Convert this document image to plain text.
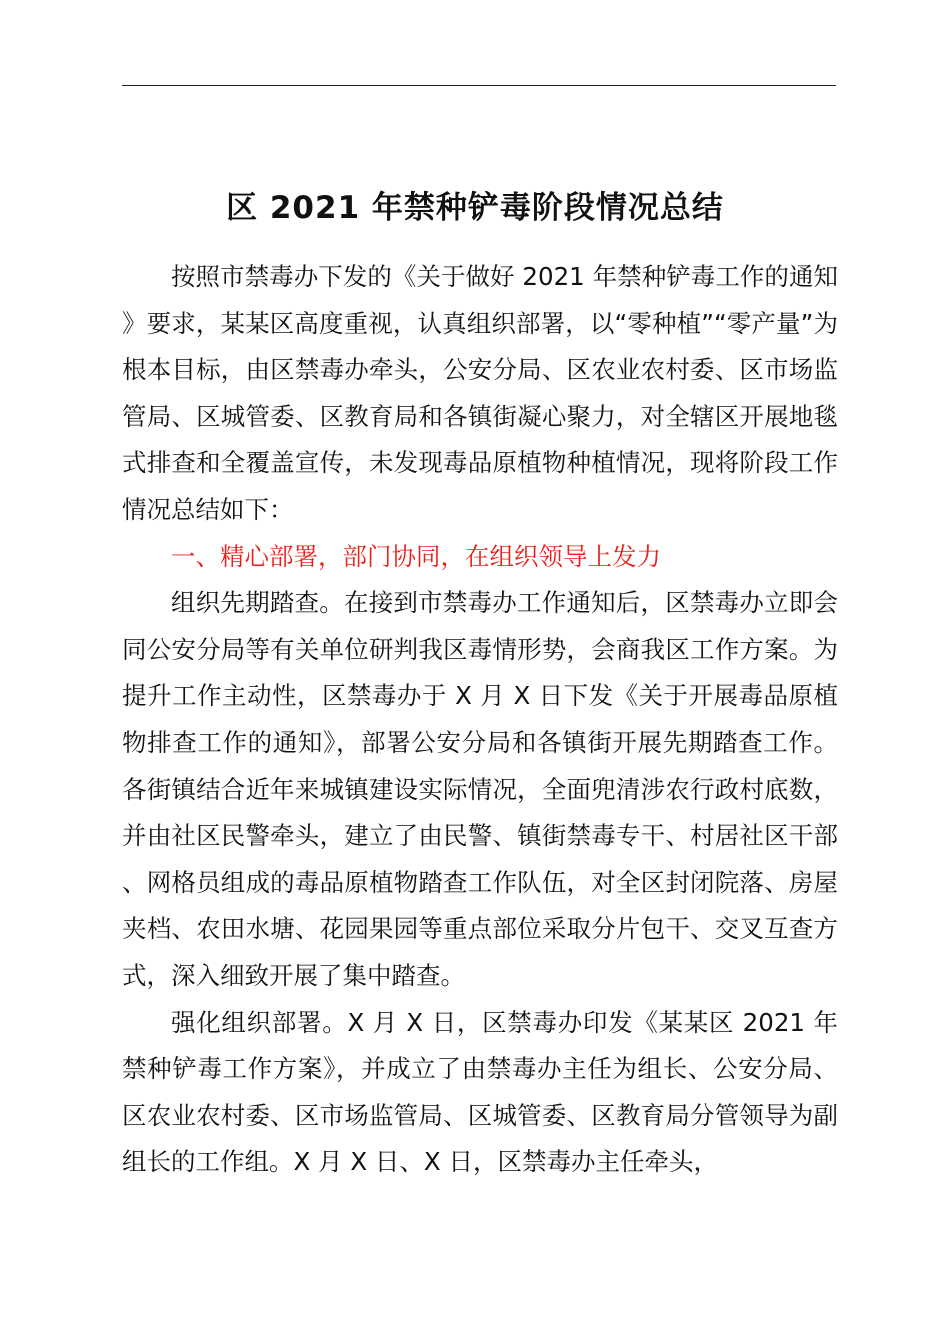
区 2021 年禁种铲毒阶段情况总结

按照市禁毒办下发的《关于做好 2021 年禁种铲毒工作的通知》要求，某某区高度重视，认真组织部署，以“零种植”“零产量”为根本目标，由区禁毒办牵头，公安分局、区农业农村委、区市场监管局、区城管委、区教育局和各镇街凝心聚力，对全辖区开展地毯式排查和全覆盖宣传，未发现毒品原植物种植情况，现将阶段工作情况总结如下：

一、精心部署，部门协同，在组织领导上发力

组织先期踏查。在接到市禁毒办工作通知后，区禁毒办立即会同公安分局等有关单位研判我区毒情形势，会商我区工作方案。为提升工作主动性，区禁毒办于 X 月 X 日下发《关于开展毒品原植物排查工作的通知》，部署公安分局和各镇街开展先期踏查工作。各街镇结合近年来城镇建设实际情况，全面兜清涉农行政村底数，并由社区民警牵头，建立了由民警、镇街禁毒专干、村居社区干部、网格员组成的毒品原植物踏查工作队伍，对全区封闭院落、房屋夹档、农田水塘、花园果园等重点部位采取分片包干、交叉互查方式，深入细致开展了集中踏查。

强化组织部署。X 月 X 日，区禁毒办印发《某某区 2021 年禁种铲毒工作方案》，并成立了由禁毒办主任为组长、公安分局、区农业农村委、区市场监管局、区城管委、区教育局分管领导为副组长的工作组。X 月 X 日、X 日，区禁毒办主任牵头，
